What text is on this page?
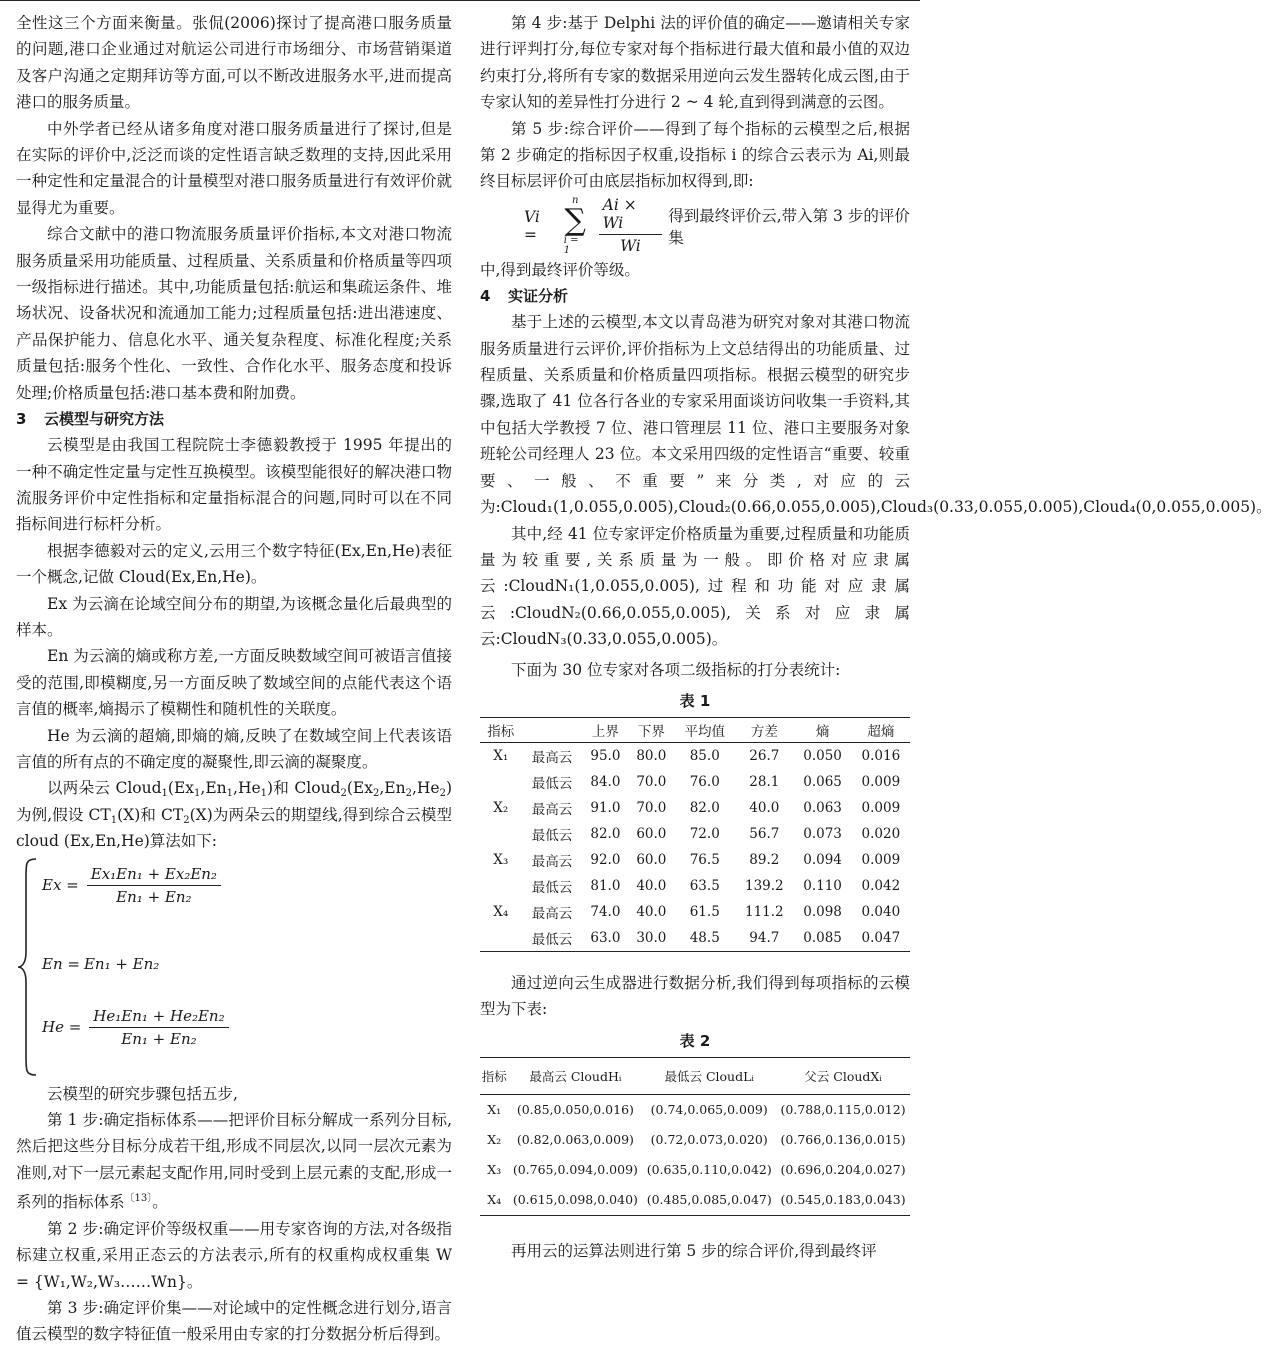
全性这三个方面来衡量。张侃(2006)探讨了提高港口服务质量的问题,港口企业通过对航运公司进行市场细分、市场营销渠道及客户沟通之定期拜访等方面,可以不断改进服务水平,进而提高港口的服务质量。

中外学者已经从诸多角度对港口服务质量进行了探讨,但是在实际的评价中,泛泛而谈的定性语言缺乏数理的支持,因此采用一种定性和定量混合的计量模型对港口服务质量进行有效评价就显得尤为重要。

综合文献中的港口物流服务质量评价指标,本文对港口物流服务质量采用功能质量、过程质量、关系质量和价格质量等四项一级指标进行描述。其中,功能质量包括:航运和集疏运条件、堆场状况、设备状况和流通加工能力;过程质量包括:进出港速度、产品保护能力、信息化水平、通关复杂程度、标准化程度;关系质量包括:服务个性化、一致性、合作化水平、服务态度和投诉处理;价格质量包括:港口基本费和附加费。

3 云模型与研究方法

云模型是由我国工程院院士李德毅教授于 1995 年提出的一种不确定性定量与定性互换模型。该模型能很好的解决港口物流服务评价中定性指标和定量指标混合的问题,同时可以在不同指标间进行标杆分析。

根据李德毅对云的定义,云用三个数字特征(Ex,En,He)表征一个概念,记做 Cloud(Ex,En,He)。

Ex 为云滴在论域空间分布的期望,为该概念量化后最典型的样本。

En 为云滴的熵或称方差,一方面反映数域空间可被语言值接受的范围,即模糊度,另一方面反映了数域空间的点能代表这个语言值的概率,熵揭示了模糊性和随机性的关联度。

He 为云滴的超熵,即熵的熵,反映了在数域空间上代表该语言值的所有点的不确定度的凝聚性,即云滴的凝聚度。

以两朵云 $Cloud_1(Ex_1,En_1,He_1)$和 $Cloud_2(Ex_2,En_2,He_2)$为例,假设 $CT_1(X)$和 $CT_2(X)$为两朵云的期望线,得到综合云模型 cloud (Ex,En,He)算法如下:

$Ex = \frac{\text{Ex₁En₁ + Ex₂En₂}}{\text{En₁ + En₂}}$
En = En₁ + En₂
$He = \frac{\text{He₁En₁ + He₂En₂}}{\text{En₁ + En₂}}$

云模型的研究步骤包括五步,

第 1 步:确定指标体系——把评价目标分解成一系列分目标,然后把这些分目标分成若干组,形成不同层次,以同一层次元素为准则,对下一层元素起支配作用,同时受到上层元素的支配,形成一系列的指标体系$^{〔13〕}$。

第 2 步:确定评价等级权重——用专家咨询的方法,对各级指标建立权重,采用正态云的方法表示,所有的权重构成权重集 W = {W₁,W₂,W₃……Wn}。

第 3 步:确定评价集——对论域中的定性概念进行划分,语言值云模型的数字特征值一般采用由专家的打分数据分析后得到。

第 4 步:基于 Delphi 法的评价值的确定——邀请相关专家进行评判打分,每位专家对每个指标进行最大值和最小值的双边约束打分,将所有专家的数据采用逆向云发生器转化成云图,由于专家认知的差异性打分进行 2 ~ 4 轮,直到得到满意的云图。

第 5 步:综合评价——得到了每个指标的云模型之后,根据第 2 步确定的指标因子权重,设指标 i 的综合云表示为 Ai,则最终目标层评价可由底层指标加权得到,即:

Vi =
n
∑
i = 1	$\frac{Ai \times Wi}{Wi}$ 得到最终评价云,带入第 3 步的评价集

中,得到最终评价等级。

4 实证分析

基于上述的云模型,本文以青岛港为研究对象对其港口物流服务质量进行云评价,评价指标为上文总结得出的功能质量、过程质量、关系质量和价格质量四项指标。根据云模型的研究步骤,选取了 41 位各行各业的专家采用面谈访问收集一手资料,其中包括大学教授 7 位、港口管理层 11 位、港口主要服务对象班轮公司经理人 23 位。本文采用四级的定性语言“重要、较重要、一般、不重要”来分类,对应的云为:Cloud₁(1,0.055,0.005),Cloud₂(0.66,0.055,0.005),Cloud₃(0.33,0.055,0.005),Cloud₄(0,0.055,0.005)。

其中,经 41 位专家评定价格质量为重要,过程质量和功能质量为较重要,关系质量为一般。即价格对应隶属云:CloudN₁(1,0.055,0.005),过程和功能对应隶属云:CloudN₂(0.66,0.055,0.005),关系对应隶属云:CloudN₃(0.33,0.055,0.005)。

下面为 30 位专家对各项二级指标的打分表统计:

表 1
指标		上界	下界	平均值	方差	熵	超熵
X₁	最高云	95.0	80.0	85.0	26.7	0.050	0.016
	最低云	84.0	70.0	76.0	28.1	0.065	0.009
X₂	最高云	91.0	70.0	82.0	40.0	0.063	0.009
	最低云	82.0	60.0	72.0	56.7	0.073	0.020
X₃	最高云	92.0	60.0	76.5	89.2	0.094	0.009
	最低云	81.0	40.0	63.5	139.2	0.110	0.042
X₄	最高云	74.0	40.0	61.5	111.2	0.098	0.040
	最低云	63.0	30.0	48.5	94.7	0.085	0.047

通过逆向云生成器进行数据分析,我们得到每项指标的云模型为下表:

表 2
指标	最高云 CloudHᵢ	最低云 CloudLᵢ	父云 CloudXᵢ
X₁	(0.85,0.050,0.016)	(0.74,0.065,0.009)	(0.788,0.115,0.012)
X₂	(0.82,0.063,0.009)	(0.72,0.073,0.020)	(0.766,0.136,0.015)
X₃	(0.765,0.094,0.009)	(0.635,0.110,0.042)	(0.696,0.204,0.027)
X₄	(0.615,0.098,0.040)	(0.485,0.085,0.047)	(0.545,0.183,0.043)

再用云的运算法则进行第 5 步的综合评价,得到最终评
